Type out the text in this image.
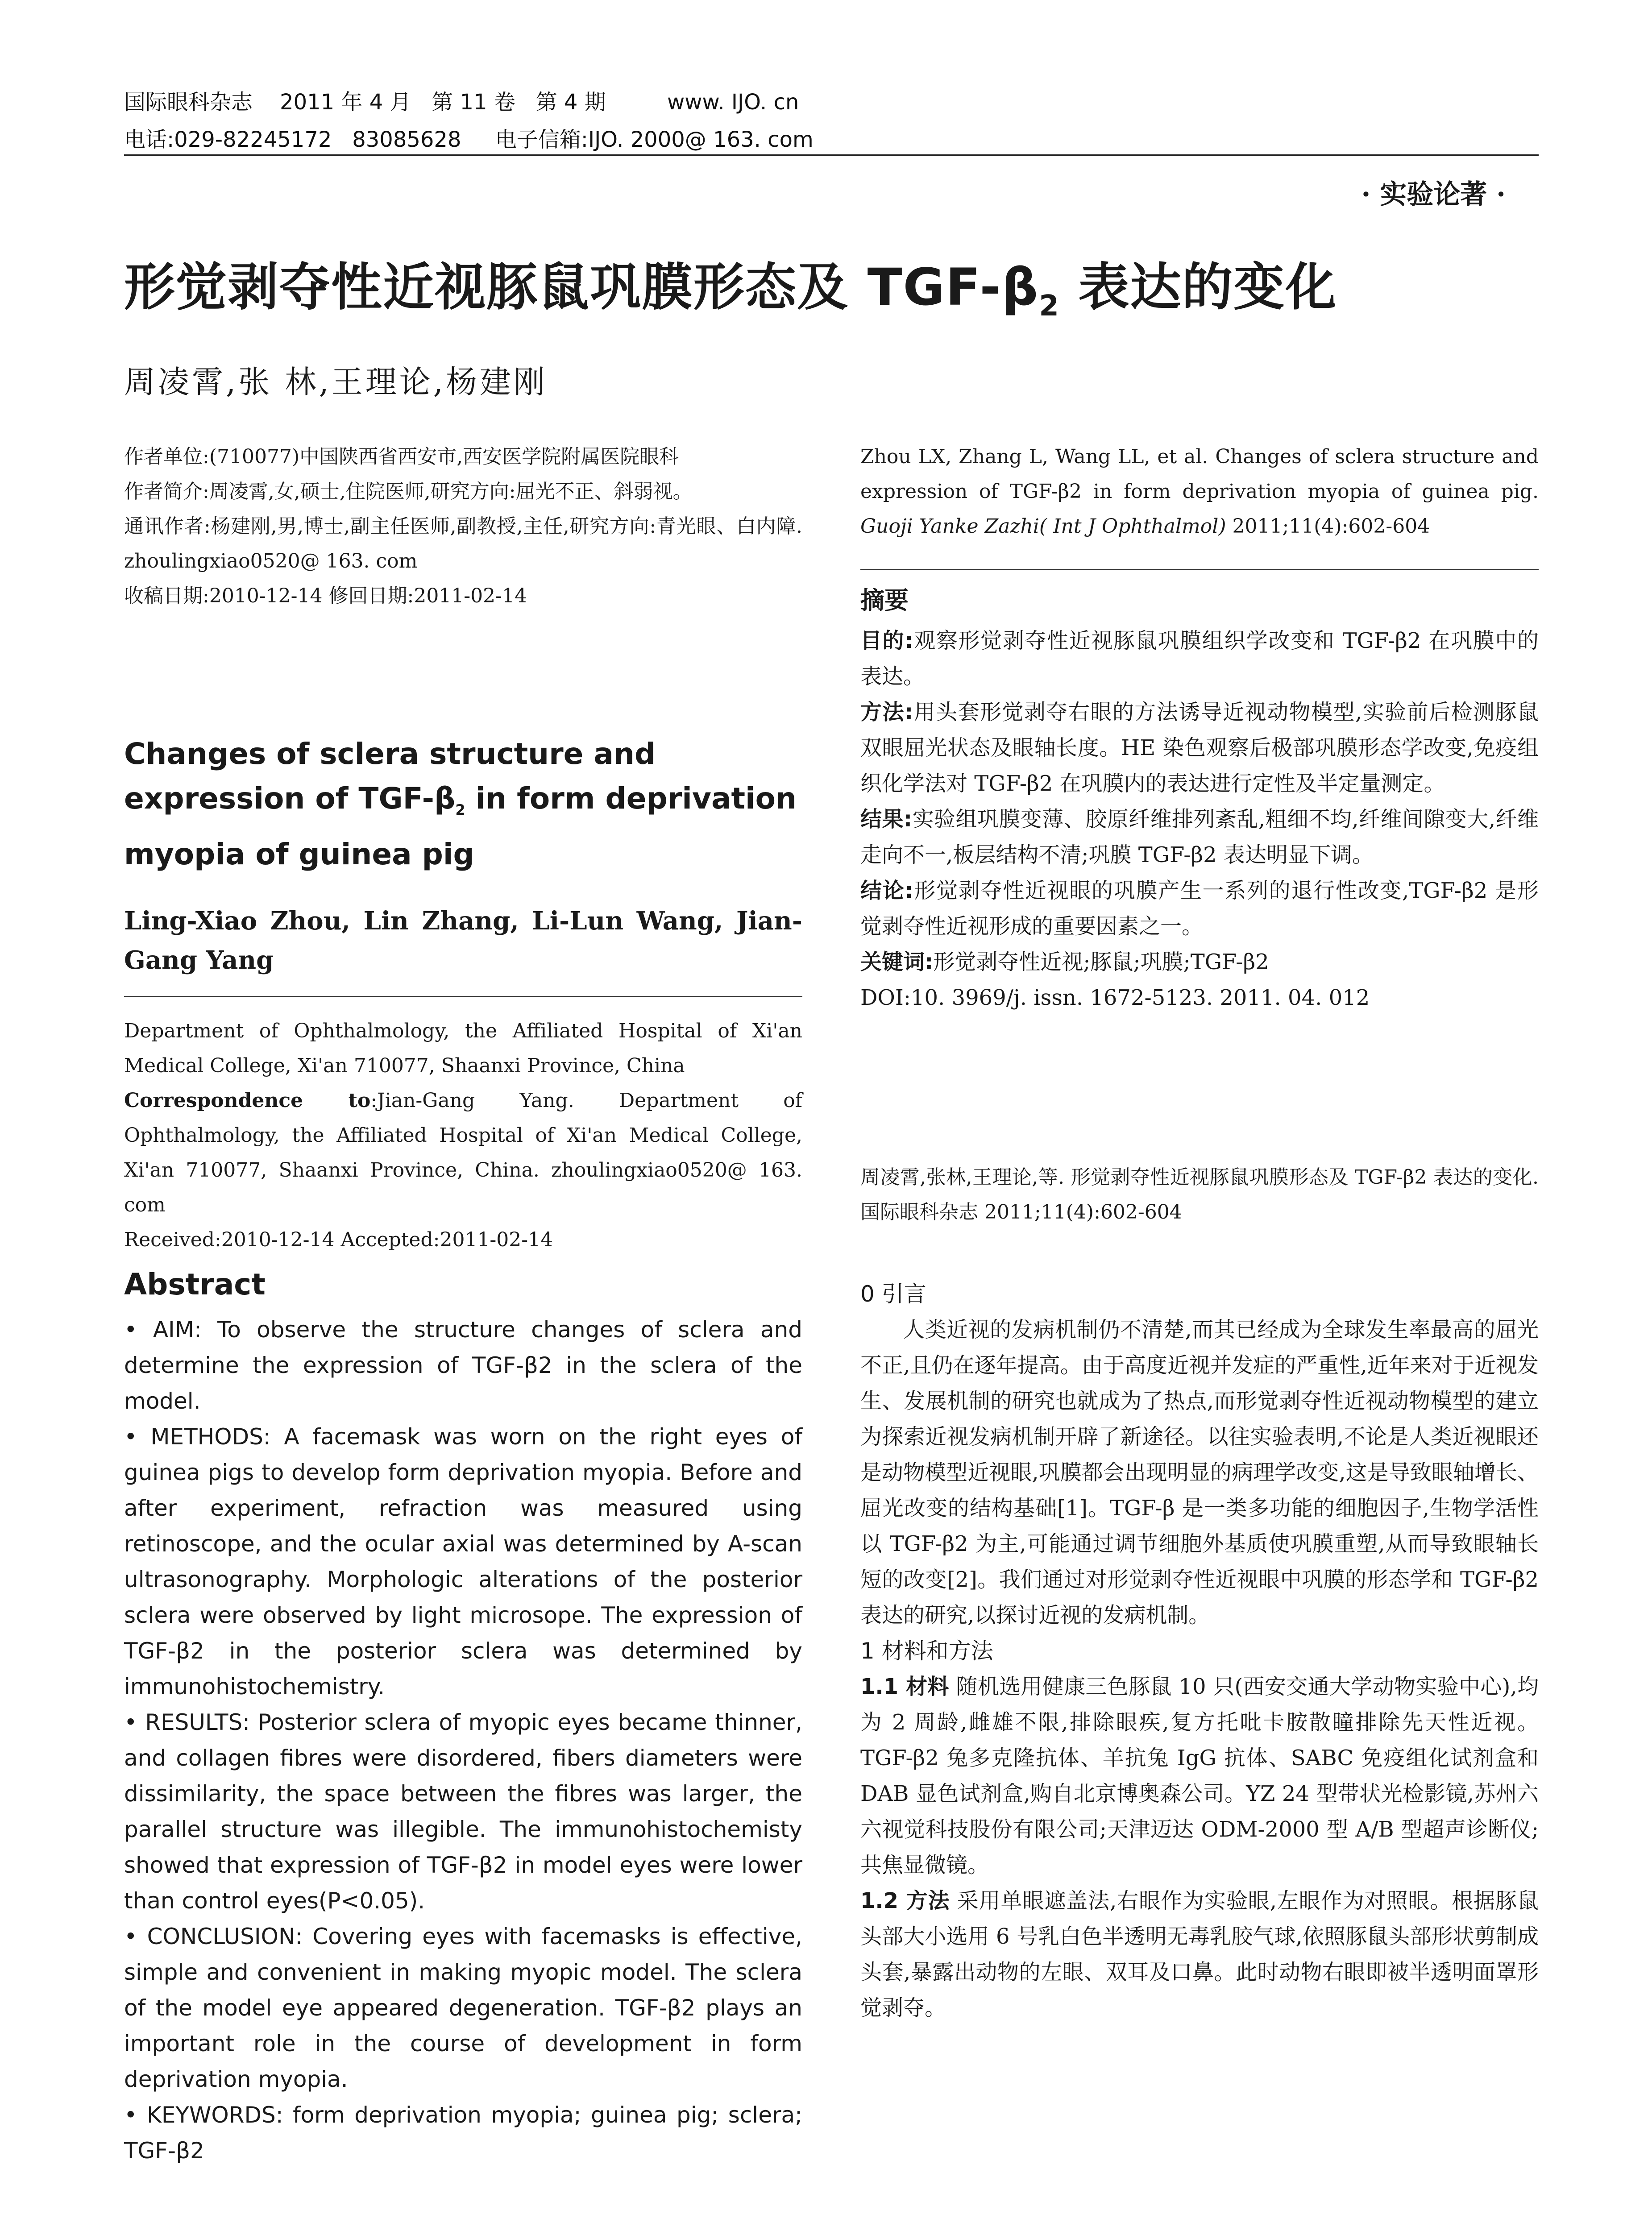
国际眼科杂志    2011 年 4 月   第 11 卷   第 4 期         www. IJO. cn
电话:029-82245172   83085628     电子信箱:IJO. 2000@ 163. com
· 实验论著 ·
形觉剥夺性近视豚鼠巩膜形态及 TGF-$\beta_2$ 表达的变化
周凌霄,张 林,王理论,杨建刚

作者单位:(710077)中国陕西省西安市,西安医学院附属医院眼科

作者简介:周凌霄,女,硕士,住院医师,研究方向:屈光不正、斜弱视。

通讯作者:杨建刚,男,博士,副主任医师,副教授,主任,研究方向:青光眼、白内障. zhoulingxiao0520@ 163. com

收稿日期:2010-12-14 修回日期:2011-02-14

Changes of sclera structure and expression of TGF-$\beta_2$ in form deprivation myopia of guinea pig
Ling-Xiao Zhou, Lin Zhang, Li-Lun Wang, Jian-Gang Yang

Department of Ophthalmology, the Affiliated Hospital of Xi'an Medical College, Xi'an 710077, Shaanxi Province, China

Correspondence to:Jian-Gang Yang. Department of Ophthalmology, the Affiliated Hospital of Xi'an Medical College, Xi'an 710077, Shaanxi Province, China. zhoulingxiao0520@ 163. com

Received:2010-12-14 Accepted:2011-02-14

Abstract

• AIM: To observe the structure changes of sclera and determine the expression of TGF-β2 in the sclera of the model.

• METHODS: A facemask was worn on the right eyes of guinea pigs to develop form deprivation myopia. Before and after experiment, refraction was measured using retinoscope, and the ocular axial was determined by A-scan ultrasonography. Morphologic alterations of the posterior sclera were observed by light microsope. The expression of TGF-β2 in the posterior sclera was determined by immunohistochemistry.

• RESULTS: Posterior sclera of myopic eyes became thinner, and collagen fibres were disordered, fibers diameters were dissimilarity, the space between the fibres was larger, the parallel structure was illegible. The immunohistochemisty showed that expression of TGF-β2 in model eyes were lower than control eyes(P<0.05).

• CONCLUSION: Covering eyes with facemasks is effective, simple and convenient in making myopic model. The sclera of the model eye appeared degeneration. TGF-β2 plays an important role in the course of development in form deprivation myopia.

• KEYWORDS: form deprivation myopia; guinea pig; sclera; TGF-β2

Zhou LX, Zhang L, Wang LL, et al. Changes of sclera structure and expression of TGF-β2 in form deprivation myopia of guinea pig. Guoji Yanke Zazhi( Int J Ophthalmol) 2011;11(4):602-604

摘要

目的:观察形觉剥夺性近视豚鼠巩膜组织学改变和 TGF-β2 在巩膜中的表达。

方法:用头套形觉剥夺右眼的方法诱导近视动物模型,实验前后检测豚鼠双眼屈光状态及眼轴长度。HE 染色观察后极部巩膜形态学改变,免疫组织化学法对 TGF-β2 在巩膜内的表达进行定性及半定量测定。

结果:实验组巩膜变薄、胶原纤维排列紊乱,粗细不均,纤维间隙变大,纤维走向不一,板层结构不清;巩膜 TGF-β2 表达明显下调。

结论:形觉剥夺性近视眼的巩膜产生一系列的退行性改变,TGF-β2 是形觉剥夺性近视形成的重要因素之一。

关键词:形觉剥夺性近视;豚鼠;巩膜;TGF-β2

DOI:10. 3969/j. issn. 1672-5123. 2011. 04. 012

周凌霄,张林,王理论,等. 形觉剥夺性近视豚鼠巩膜形态及 TGF-β2 表达的变化. 国际眼科杂志 2011;11(4):602-604

0 引言

人类近视的发病机制仍不清楚,而其已经成为全球发生率最高的屈光不正,且仍在逐年提高。由于高度近视并发症的严重性,近年来对于近视发生、发展机制的研究也就成为了热点,而形觉剥夺性近视动物模型的建立为探索近视发病机制开辟了新途径。以往实验表明,不论是人类近视眼还是动物模型近视眼,巩膜都会出现明显的病理学改变,这是导致眼轴增长、屈光改变的结构基础[1]。TGF-β 是一类多功能的细胞因子,生物学活性以 TGF-β2 为主,可能通过调节细胞外基质使巩膜重塑,从而导致眼轴长短的改变[2]。我们通过对形觉剥夺性近视眼中巩膜的形态学和 TGF-β2 表达的研究,以探讨近视的发病机制。

1 材料和方法

1.1 材料 随机选用健康三色豚鼠 10 只(西安交通大学动物实验中心),均为 2 周龄,雌雄不限,排除眼疾,复方托吡卡胺散瞳排除先天性近视。TGF-β2 兔多克隆抗体、羊抗兔 IgG 抗体、SABC 免疫组化试剂盒和 DAB 显色试剂盒,购自北京博奥森公司。YZ 24 型带状光检影镜,苏州六六视觉科技股份有限公司;天津迈达 ODM-2000 型 A/B 型超声诊断仪;共焦显微镜。

1.2 方法 采用单眼遮盖法,右眼作为实验眼,左眼作为对照眼。根据豚鼠头部大小选用 6 号乳白色半透明无毒乳胶气球,依照豚鼠头部形状剪制成头套,暴露出动物的左眼、双耳及口鼻。此时动物右眼即被半透明面罩形觉剥夺。
